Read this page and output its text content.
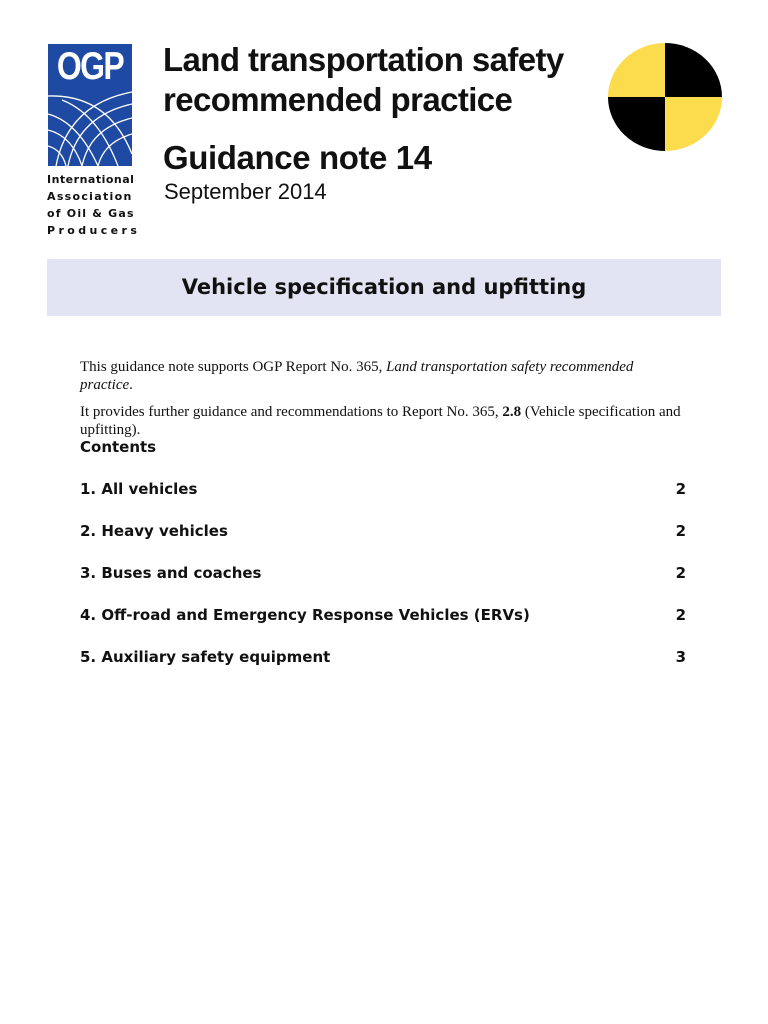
OGP
International
Association
of Oil & Gas
Producers
Land transportation safety
recommended practice
Guidance note 14
September 2014
Vehicle specification and upfitting

This guidance note supports OGP Report No. 365, Land transportation safety recommended practice.

It provides further guidance and recommendations to Report No. 365, 2.8 (Vehicle specification and upfitting).

Contents
1. All vehicles	2
2. Heavy vehicles	2
3. Buses and coaches	2
4. Off-road and Emergency Response Vehicles (ERVs)	2
5. Auxiliary safety equipment	3
